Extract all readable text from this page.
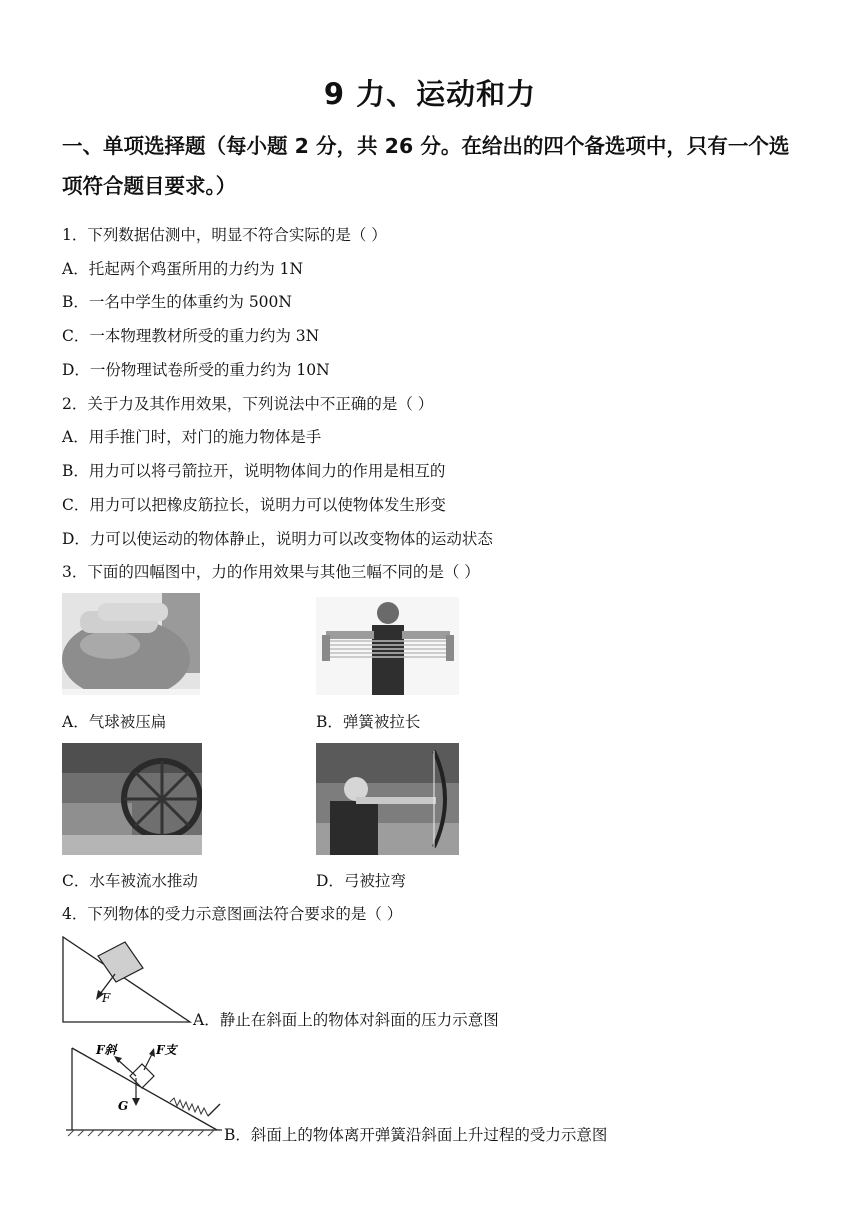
9 力、运动和力
一、单项选择题（每小题 2 分，共 26 分。在给出的四个备选项中，只有一个选项符合题目要求。）
1．下列数据估测中，明显不符合实际的是（ ）
A．托起两个鸡蛋所用的力约为 1N
B．一名中学生的体重约为 500N
C．一本物理教材所受的重力约为 3N
D．一份物理试卷所受的重力约为 10N
2．关于力及其作用效果，下列说法中不正确的是（ ）
A．用手推门时，对门的施力物体是手
B．用力可以将弓箭拉开，说明物体间力的作用是相互的
C．用力可以把橡皮筋拉长，说明力可以使物体发生形变
D．力可以使运动的物体静止，说明力可以改变物体的运动状态
3．下面的四幅图中，力的作用效果与其他三幅不同的是（ ）
A．气球被压扁	B．弹簧被拉长
C．水车被流水推动	D．弓被拉弯
4．下列物体的受力示意图画法符合要求的是（ ）
F
A．静止在斜面上的物体对斜面的压力示意图
F斜	F支
G
B．斜面上的物体离开弹簧沿斜面上升过程的受力示意图
